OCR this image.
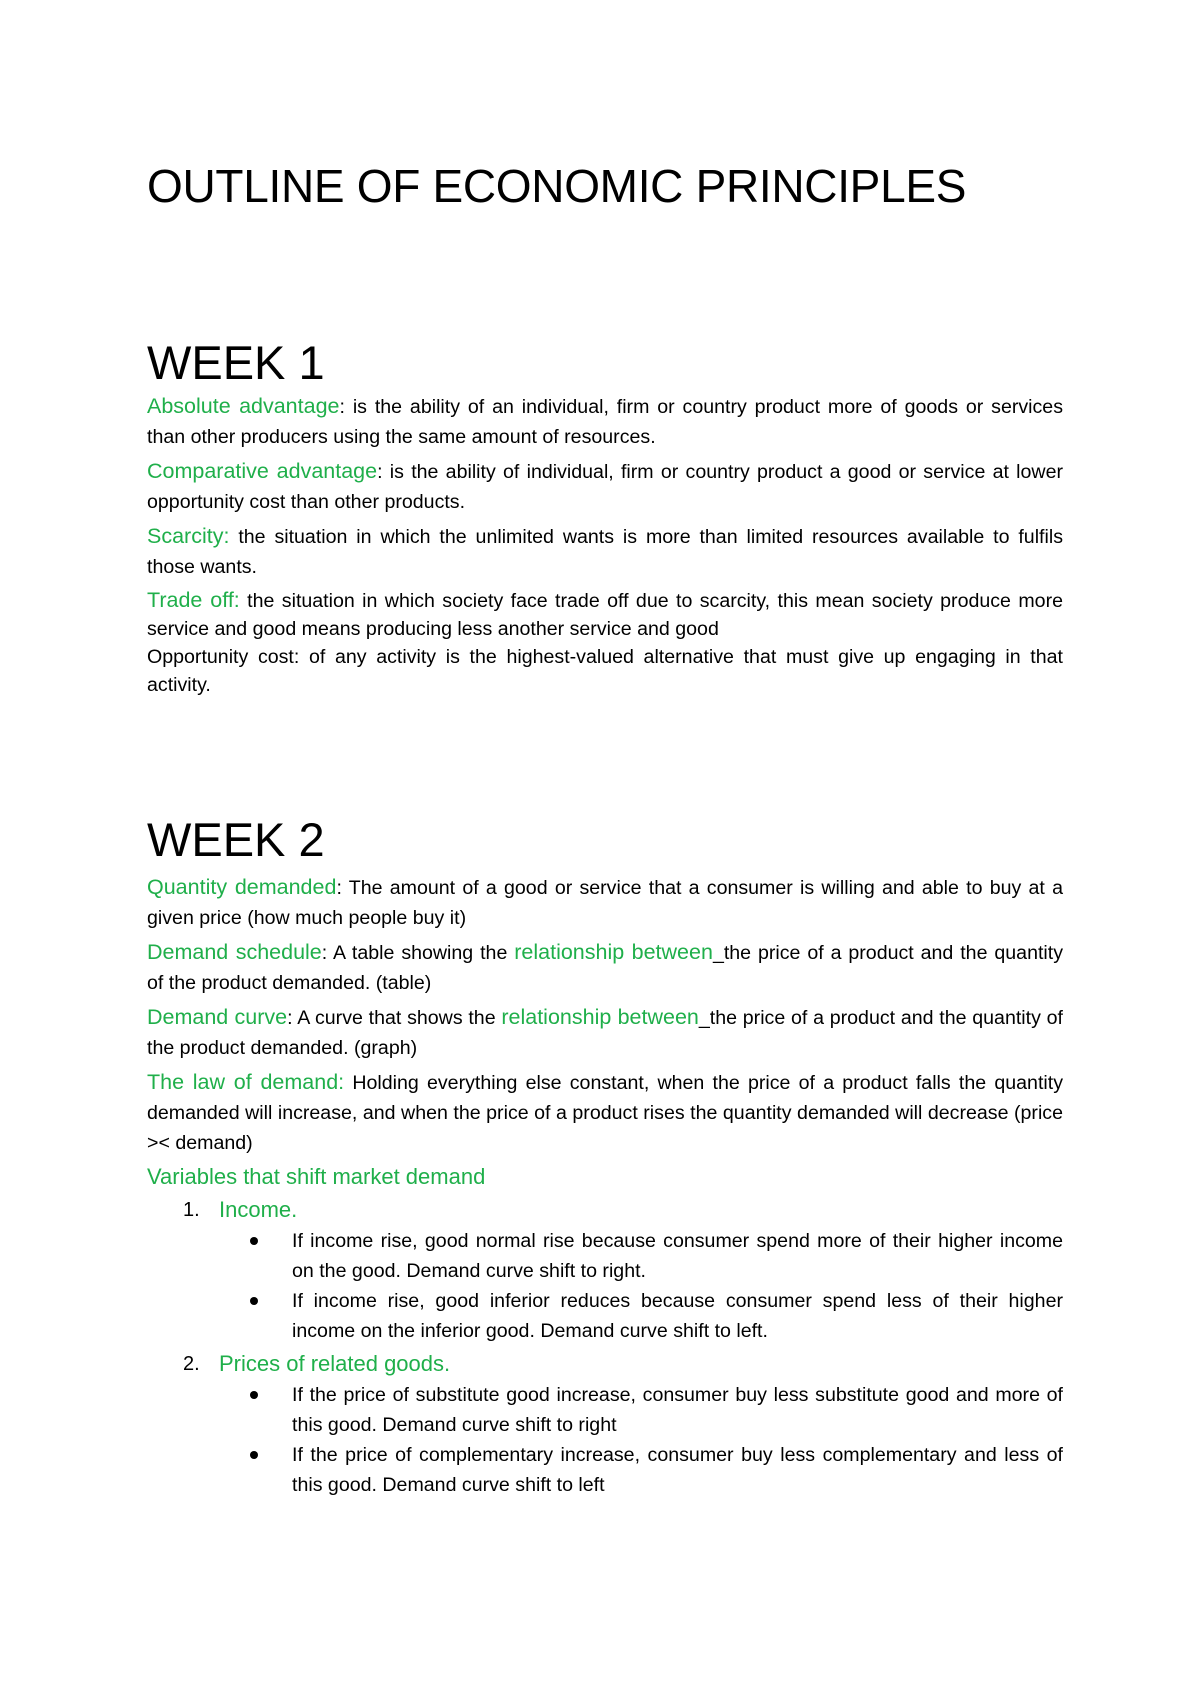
OUTLINE OF ECONOMIC PRINCIPLES
WEEK 1

Absolute advantage: is the ability of an individual, firm or country product more of goods or services than other producers using the same amount of resources.

Comparative advantage: is the ability of individual, firm or country product a good or service at lower opportunity cost than other products.

Scarcity: the situation in which the unlimited wants is more than limited resources available to fulfils those wants.

Trade off: the situation in which society face trade off due to scarcity, this mean society produce more service and good means producing less another service and good

Opportunity cost: of any activity is the highest-valued alternative that must give up engaging in that activity.

WEEK 2

Quantity demanded: The amount of a good or service that a consumer is willing and able to buy at a given price (how much people buy it)

Demand schedule: A table showing the relationship between_the price of a product and the quantity of the product demanded. (table)

Demand curve: A curve that shows the relationship between_the price of a product and the quantity of the product demanded. (graph)

The law of demand: Holding everything else constant, when the price of a product falls the quantity demanded will increase, and when the price of a product rises the quantity demanded will decrease (price >< demand)

Variables that shift market demand

1. Income.
If income rise, good normal rise because consumer spend more of their higher income on the good. Demand curve shift to right.
If income rise, good inferior reduces because consumer spend less of their higher income on the inferior good. Demand curve shift to left.
2. Prices of related goods.
If the price of substitute good increase, consumer buy less substitute good and more of this good. Demand curve shift to right
If the price of complementary increase, consumer buy less complementary and less of this good. Demand curve shift to left
